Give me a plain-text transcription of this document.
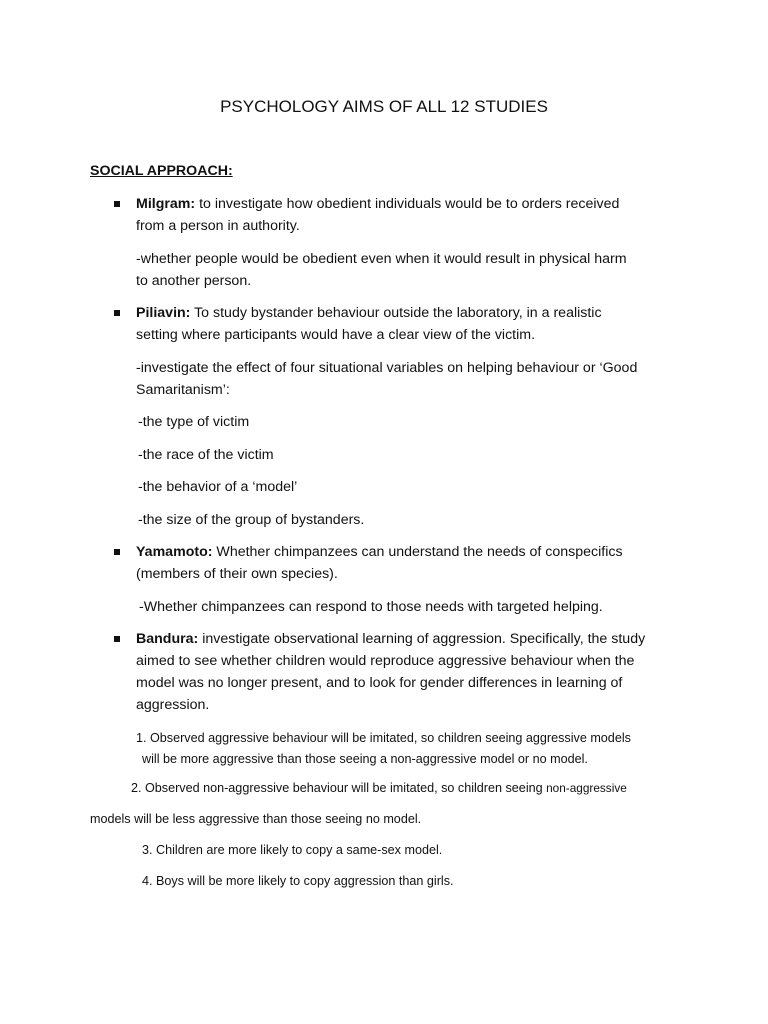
PSYCHOLOGY AIMS OF ALL 12 STUDIES
SOCIAL APPROACH:
Milgram: to investigate how obedient individuals would be to orders received
from a person in authority.
-whether people would be obedient even when it would result in physical harm
to another person.
Piliavin: To study bystander behaviour outside the laboratory, in a realistic
setting where participants would have a clear view of the victim.
-investigate the effect of four situational variables on helping behaviour or ‘Good
Samaritanism’:
-the type of victim
-the race of the victim
-the behavior of a ‘model’
-the size of the group of bystanders.
Yamamoto: Whether chimpanzees can understand the needs of conspecifics
(members of their own species).
-Whether chimpanzees can respond to those needs with targeted helping.
Bandura: investigate observational learning of aggression. Specifically, the study
aimed to see whether children would reproduce aggressive behaviour when the
model was no longer present, and to look for gender differences in learning of
aggression.
1. Observed aggressive behaviour will be imitated, so children seeing aggressive models
will be more aggressive than those seeing a non-aggressive model or no model.
2. Observed non-aggressive behaviour will be imitated, so children seeing non-aggressive
models will be less aggressive than those seeing no model.
3. Children are more likely to copy a same-sex model.
4. Boys will be more likely to copy aggression than girls.
